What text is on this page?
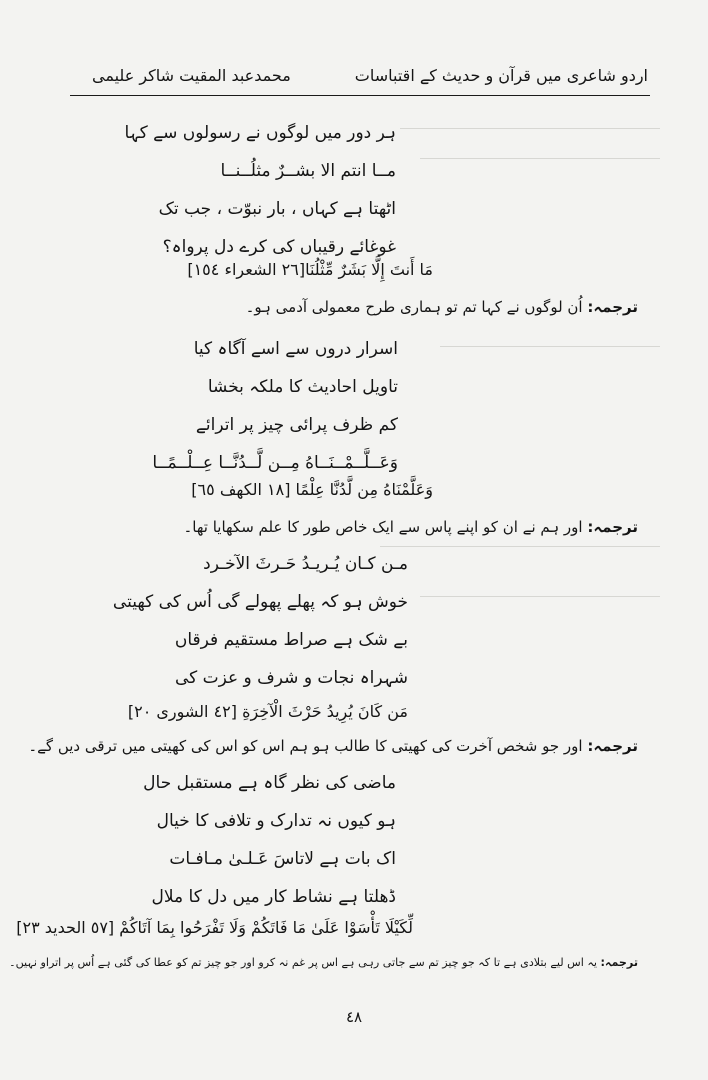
اردو شاعری میں قرآن و حدیث کے اقتباسات
محمدعبد المقیت شاکر علیمی
ہر دور میں لوگوں نے رسولوں سے کہا
مــا انتم الا بشــرٌ مثلُــنــا
اٹھتا ہے کہاں ، بار نبوّت ، جب تک
غوغائے رقیباں کی کرے دل پرواہ؟
مَا أَنتَ إِلَّا بَشَرٌ مِّثْلُنَا[٢٦ الشعراء ١٥٤]
ترجمہ: اُن لوگوں نے کہا تم تو ہماری طرح معمولی آدمی ہو۔
اسرار دروں سے اسے آگاہ کیا
تاویل احادیث کا ملکہ بخشا
کم ظرف پرائی چیز پر اترائے
وَعَــلَّــمْــنَــاهُ مِــن لَّــدُنَّــا عِــلْــمًــا
وَعَلَّمْنَاهُ مِن لَّدُنَّا عِلْمًا [١٨ الكهف ٦٥]
ترجمہ: اور ہم نے ان کو اپنے پاس سے ایک خاص طور کا علم سکھایا تھا۔
مـن كـان يُـريـدُ حَـرثَ الآخـرد
خوش ہو کہ پھلے پھولے گی اُس کی کھیتی
بے شک ہے صراط مستقیم فرقاں
شہراہ نجات و شرف و عزت کی
مَن كَانَ يُرِيدُ حَرْثَ الْآخِرَةِ [٤٢ الشورى ٢٠]
ترجمہ: اور جو شخص آخرت کی کھیتی کا طالب ہو ہم اس کو اس کی کھیتی میں ترقی دیں گے۔
ماضی کی نظر گاہ ہے مستقبل حال
ہو کیوں نہ تدارک و تلافی کا خیال
اک بات ہے لاتاسَ عَـلـیٰ مـافـات
ڈھلتا ہے نشاط کار میں دل کا ملال
لِّكَيْلَا تَأْسَوْا عَلَىٰ مَا فَاتَكُمْ وَلَا تَفْرَحُوا بِمَا آتَاكُمْ [٥٧ الحديد ٢٣]
ترجمہ: یہ اس لیے بتلادی ہے تا کہ جو چیز تم سے جاتی رہی ہے اس پر غم نہ کرو اور جو چیز تم کو عطا کی گئی ہے اُس پر اتراو نہیں۔
٤٨
